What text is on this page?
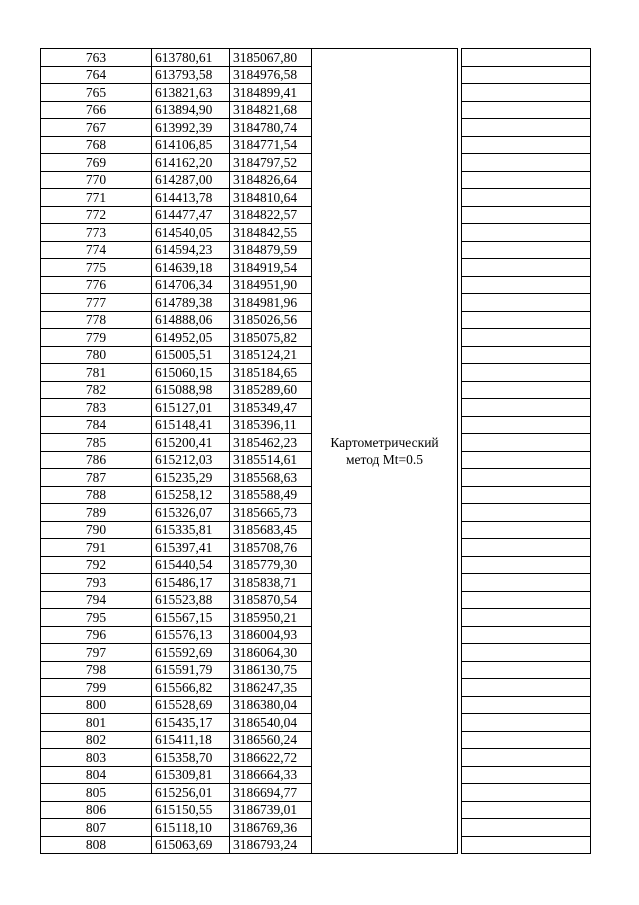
763	613780,61	3185067,80	Картометрический метод Mt=0.5		
764	613793,58	3184976,58			
765	613821,63	3184899,41			
766	613894,90	3184821,68			
767	613992,39	3184780,74			
768	614106,85	3184771,54			
769	614162,20	3184797,52			
770	614287,00	3184826,64			
771	614413,78	3184810,64			
772	614477,47	3184822,57			
773	614540,05	3184842,55			
774	614594,23	3184879,59			
775	614639,18	3184919,54			
776	614706,34	3184951,90			
777	614789,38	3184981,96			
778	614888,06	3185026,56			
779	614952,05	3185075,82			
780	615005,51	3185124,21			
781	615060,15	3185184,65			
782	615088,98	3185289,60			
783	615127,01	3185349,47			
784	615148,41	3185396,11			
785	615200,41	3185462,23			
786	615212,03	3185514,61			
787	615235,29	3185568,63			
788	615258,12	3185588,49			
789	615326,07	3185665,73			
790	615335,81	3185683,45			
791	615397,41	3185708,76			
792	615440,54	3185779,30			
793	615486,17	3185838,71			
794	615523,88	3185870,54			
795	615567,15	3185950,21			
796	615576,13	3186004,93			
797	615592,69	3186064,30			
798	615591,79	3186130,75			
799	615566,82	3186247,35			
800	615528,69	3186380,04			
801	615435,17	3186540,04			
802	615411,18	3186560,24			
803	615358,70	3186622,72			
804	615309,81	3186664,33			
805	615256,01	3186694,77			
806	615150,55	3186739,01			
807	615118,10	3186769,36			
808	615063,69	3186793,24			
